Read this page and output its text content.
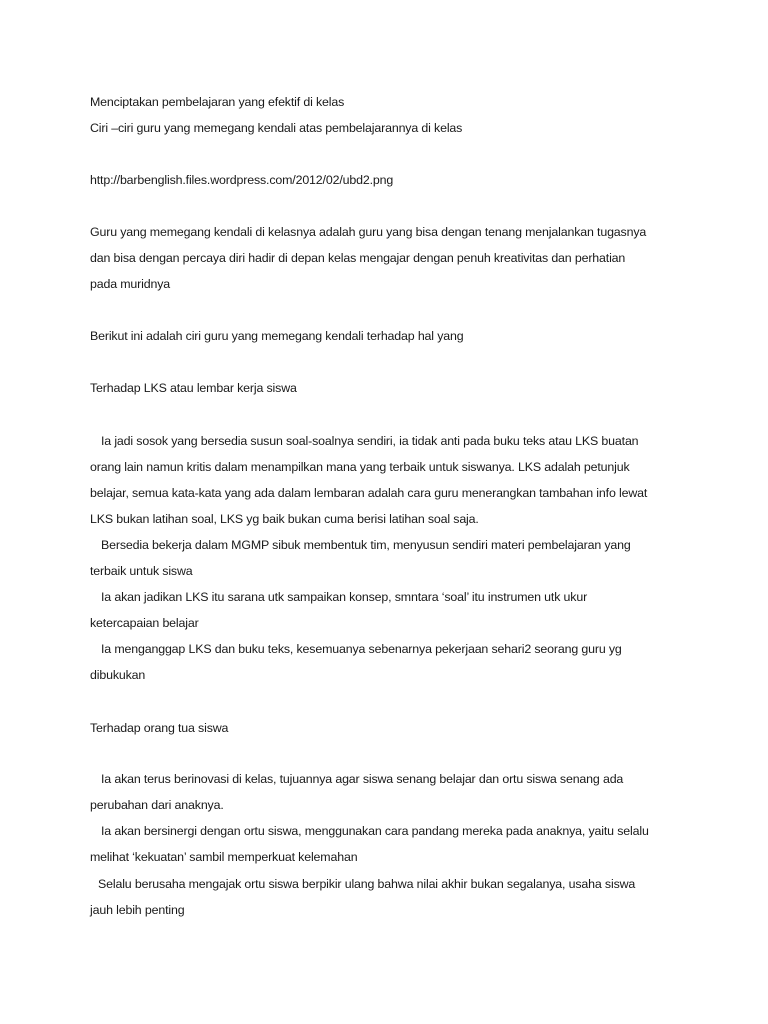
Menciptakan pembelajaran yang efektif di kelas
Ciri –ciri guru yang memegang kendali atas pembelajarannya di kelas
http://barbenglish.files.wordpress.com/2012/02/ubd2.png
Guru yang memegang kendali di kelasnya adalah guru yang bisa dengan tenang menjalankan tugasnya
dan bisa dengan percaya diri hadir di depan kelas mengajar dengan penuh kreativitas dan perhatian
pada muridnya
Berikut ini adalah ciri guru yang memegang kendali terhadap hal yang
Terhadap LKS atau lembar kerja siswa
Ia jadi sosok yang bersedia susun soal-soalnya sendiri, ia tidak anti pada buku teks atau LKS buatan
orang lain namun kritis dalam menampilkan mana yang terbaik untuk siswanya. LKS adalah petunjuk
belajar, semua kata-kata yang ada dalam lembaran adalah cara guru menerangkan tambahan info lewat
LKS bukan latihan soal, LKS yg baik bukan cuma berisi latihan soal saja.
Bersedia bekerja dalam MGMP sibuk membentuk tim, menyusun sendiri materi pembelajaran yang
terbaik untuk siswa
Ia akan jadikan LKS itu sarana utk sampaikan konsep, smntara ‘soal’ itu instrumen utk ukur
ketercapaian belajar
Ia menganggap LKS dan buku teks, kesemuanya sebenarnya pekerjaan sehari2 seorang guru yg
dibukukan
Terhadap orang tua siswa
Ia akan terus berinovasi di kelas, tujuannya agar siswa senang belajar dan ortu siswa senang ada
perubahan dari anaknya.
Ia akan bersinergi dengan ortu siswa, menggunakan cara pandang mereka pada anaknya, yaitu selalu
melihat ‘kekuatan’ sambil memperkuat kelemahan
Selalu berusaha mengajak ortu siswa berpikir ulang bahwa nilai akhir bukan segalanya, usaha siswa
jauh lebih penting
